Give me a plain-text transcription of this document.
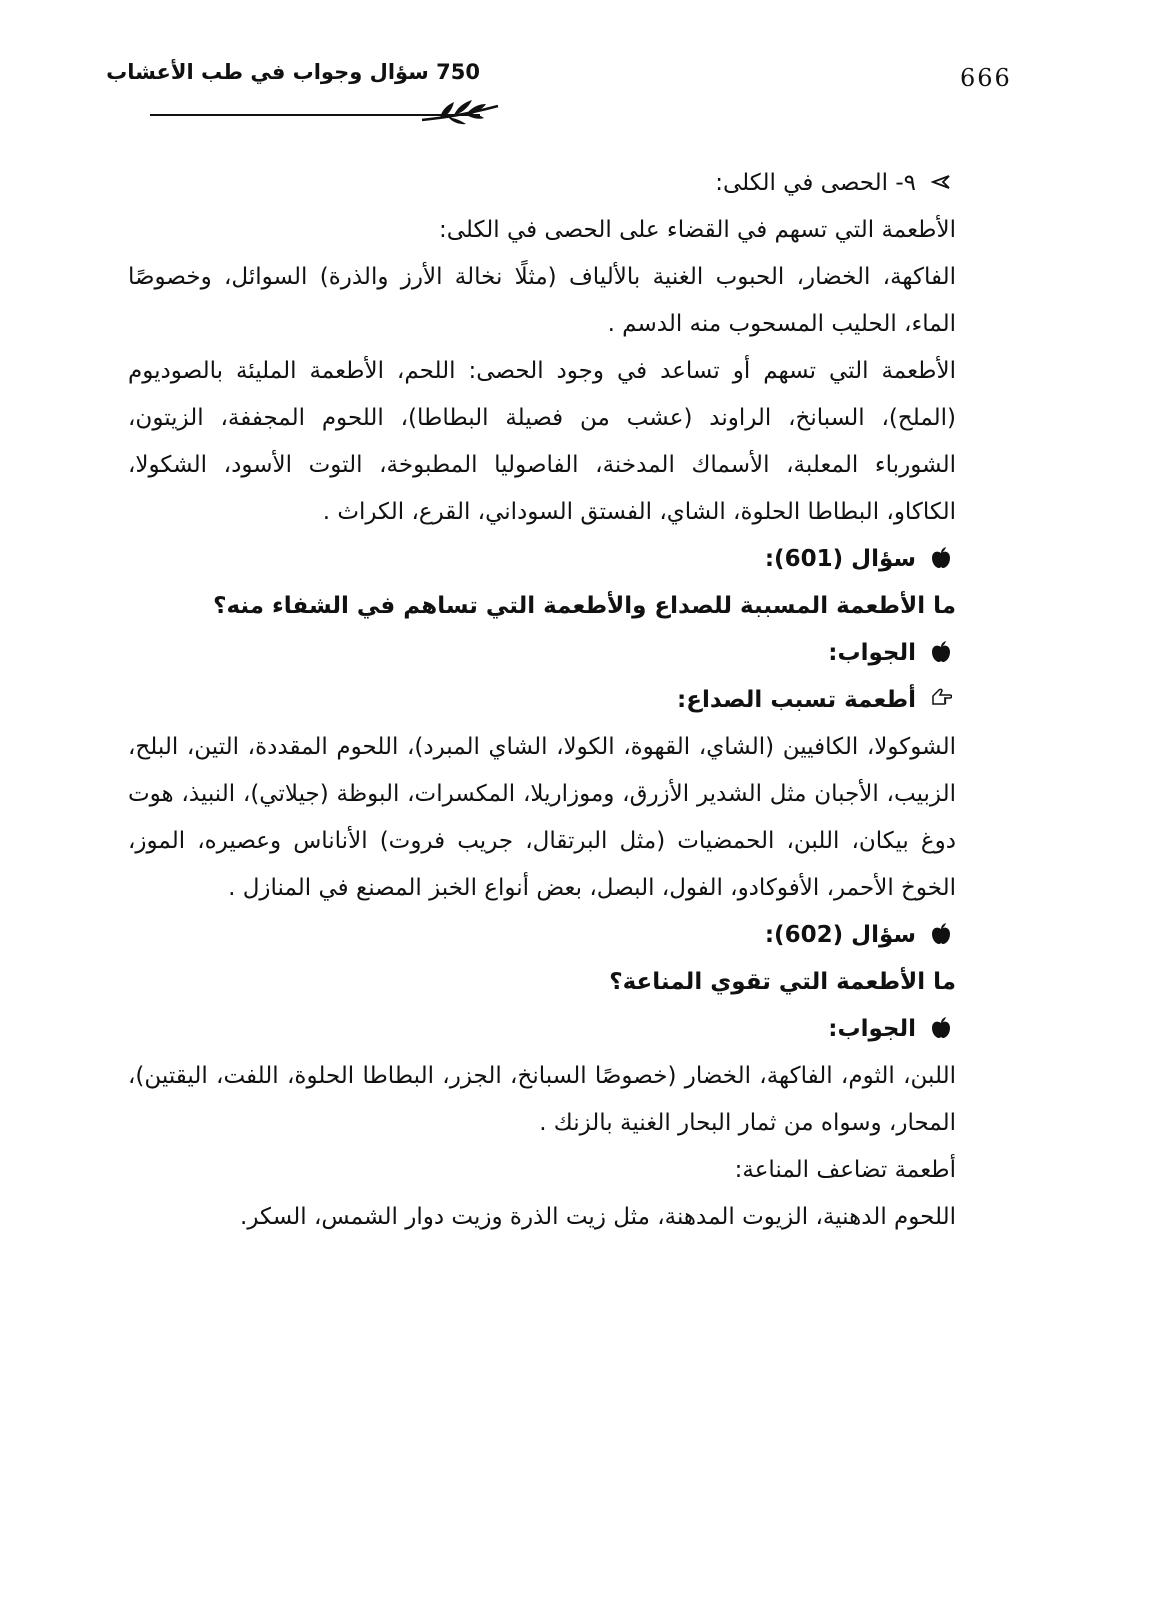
750 سؤال وجواب في طب الأعشاب	666

٩- الحصى في الكلى:

الأطعمة التي تسهم في القضاء على الحصى في الكلى:

الفاكهة، الخضار، الحبوب الغنية بالألياف (مثلًا نخالة الأرز والذرة) السوائل، وخصوصًا الماء، الحليب المسحوب منه الدسم .

الأطعمة التي تسهم أو تساعد في وجود الحصى: اللحم، الأطعمة المليئة بالصوديوم (الملح)، السبانخ، الراوند (عشب من فصيلة البطاطا)، اللحوم المجففة، الزيتون، الشورباء المعلبة، الأسماك المدخنة، الفاصوليا المطبوخة، التوت الأسود، الشكولا، الكاكاو، البطاطا الحلوة، الشاي، الفستق السوداني، القرع، الكراث .

سؤال (601):

ما الأطعمة المسببة للصداع والأطعمة التي تساهم في الشفاء منه؟

الجواب:

أطعمة تسبب الصداع:

الشوكولا، الكافيين (الشاي، القهوة، الكولا، الشاي المبرد)، اللحوم المقددة، التين، البلح، الزبيب، الأجبان مثل الشدير الأزرق، وموزاريلا، المكسرات، البوظة (جيلاتي)، النبيذ، هوت دوغ بيكان، اللبن، الحمضيات (مثل البرتقال، جريب فروت) الأناناس وعصيره، الموز، الخوخ الأحمر، الأفوكادو، الفول، البصل، بعض أنواع الخبز المصنع في المنازل .

سؤال (602):

ما الأطعمة التي تقوي المناعة؟

الجواب:

اللبن، الثوم، الفاكهة، الخضار (خصوصًا السبانخ، الجزر، البطاطا الحلوة، اللفت، اليقتين)، المحار، وسواه من ثمار البحار الغنية بالزنك .

أطعمة تضاعف المناعة:

اللحوم الدهنية، الزيوت المدهنة، مثل زيت الذرة وزيت دوار الشمس، السكر.
